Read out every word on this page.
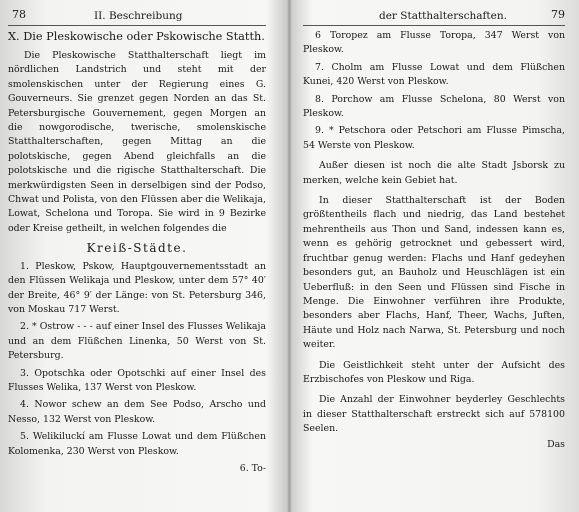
78	II. Beschreibung
X. Die Pleskowische oder Pskowische Statth.

Die Pleskowische Statthalterschaft liegt im nördlichen Landstrich und steht mit der smolenskischen unter der Regierung eines G. Gouverneurs. Sie grenzet gegen Norden an das St. Petersburgische Gouvernement, gegen Morgen an die nowgorodische, twerische, smolenskische Statthalterschaften, gegen Mittag an die polotskische, gegen Abend gleichfalls an die polotskische und die rigische Statthalterschaft. Die merkwürdigsten Seen in derselbigen sind der Podso, Chwat und Polista, von den Flüssen aber die Welikaja, Lowat, Schelona und Toropa. Sie wird in 9 Bezirke oder Kreise getheilt, in welchen folgendes die

Kreiß-Städte.

1. Pleskow, Pskow, Hauptgouvernementsstadt an den Flüssen Welikaja und Pleskow, unter dem 57° 40′ der Breite, 46° 9′ der Länge: von St. Petersburg 346, von Moskau 717 Werst.

2. * Ostrow - - - auf einer Insel des Flusses Welikaja und an dem Flüßchen Linenka, 50 Werst von St. Petersburg.

3. Opotschka oder Opotschki auf einer Insel des Flusses Welika, 137 Werst von Pleskow.

4. Nowor schew an dem See Podso, Arscho und Nesso, 132 Werst von Pleskow.

5. Welikiluckí am Flusse Lowat und dem Flüßchen Kolomenka, 230 Werst von Pleskow.

6. To-
der Statthalterschaften.	79

6 Toropez am Flusse Toropa, 347 Werst von Pleskow.

7. Cholm am Flusse Lowat und dem Flüßchen Kunei, 420 Werst von Pleskow.

8. Porchow am Flusse Schelona, 80 Werst von Pleskow.

9. * Petschora oder Petschori am Flusse Pimscha, 54 Werste von Pleskow.

Außer diesen ist noch die alte Stadt Jsborsk zu merken, welche kein Gebiet hat.

In dieser Statthalterschaft ist der Boden größtentheils flach und niedrig, das Land bestehet mehrentheils aus Thon und Sand, indessen kann es, wenn es gehörig getrocknet und gebessert wird, fruchtbar genug werden: Flachs und Hanf gedeyhen besonders gut, an Bauholz und Heuschlägen ist ein Ueberfluß: in den Seen und Flüssen sind Fische in Menge. Die Einwohner verführen ihre Produkte, besonders aber Flachs, Hanf, Theer, Wachs, Juften, Häute und Holz nach Narwa, St. Petersburg und noch weiter.

Die Geistlichkeit steht unter der Aufsicht des Erzbischofes von Pleskow und Riga.

Die Anzahl der Einwohner beyderley Geschlechts in dieser Statthalterschaft erstreckt sich auf 578100 Seelen.

Das
